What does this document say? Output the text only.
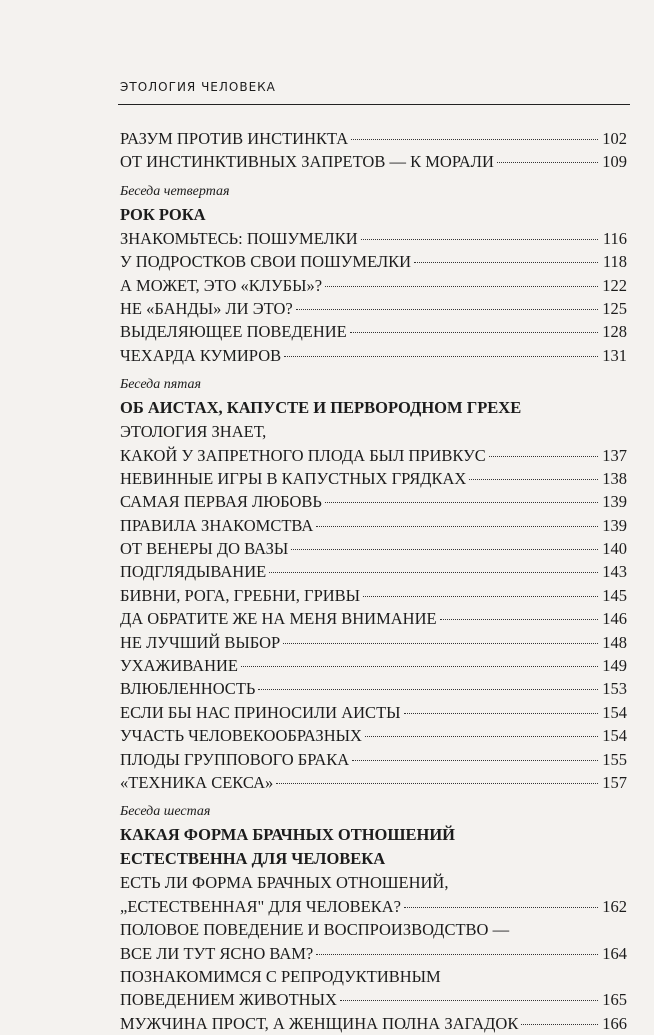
ЭТОЛОГИЯ ЧЕЛОВЕКА
РАЗУМ ПРОТИВ ИНСТИНКТА	102
ОТ ИНСТИНКТИВНЫХ ЗАПРЕТОВ — К МОРАЛИ	109
Беседа четвертая
РОК РОКА
ЗНАКОМЬТЕСЬ: ПОШУМЕЛКИ	116
У ПОДРОСТКОВ СВОИ ПОШУМЕЛКИ	118
А МОЖЕТ, ЭТО «КЛУБЫ»?	122
НЕ «БАНДЫ» ЛИ ЭТО?	125
ВЫДЕЛЯЮЩЕЕ ПОВЕДЕНИЕ	128
ЧЕХАРДА КУМИРОВ	131
Беседа пятая
ОБ АИСТАХ, КАПУСТЕ И ПЕРВОРОДНОМ ГРЕХЕ
ЭТОЛОГИЯ ЗНАЕТ,
КАКОЙ У ЗАПРЕТНОГО ПЛОДА БЫЛ ПРИВКУС	137
НЕВИННЫЕ ИГРЫ В КАПУСТНЫХ ГРЯДКАХ	138
САМАЯ ПЕРВАЯ ЛЮБОВЬ	139
ПРАВИЛА ЗНАКОМСТВА	139
ОТ ВЕНЕРЫ ДО ВАЗЫ	140
ПОДГЛЯДЫВАНИЕ	143
БИВНИ, РОГА, ГРЕБНИ, ГРИВЫ	145
ДА ОБРАТИТЕ ЖЕ НА МЕНЯ ВНИМАНИЕ	146
НЕ ЛУЧШИЙ ВЫБОР	148
УХАЖИВАНИЕ	149
ВЛЮБЛЕННОСТЬ	153
ЕСЛИ БЫ НАС ПРИНОСИЛИ АИСТЫ	154
УЧАСТЬ ЧЕЛОВЕКООБРАЗНЫХ	154
ПЛОДЫ ГРУППОВОГО БРАКА	155
«ТЕХНИКА СЕКСА»	157
Беседа шестая
КАКАЯ ФОРМА БРАЧНЫХ ОТНОШЕНИЙ
ЕСТЕСТВЕННА ДЛЯ ЧЕЛОВЕКА
ЕСТЬ ЛИ ФОРМА БРАЧНЫХ ОТНОШЕНИЙ,
„ЕСТЕСТВЕННАЯ" ДЛЯ ЧЕЛОВЕКА?	162
ПОЛОВОЕ ПОВЕДЕНИЕ И ВОСПРОИЗВОДСТВО —
ВСЕ ЛИ ТУТ ЯСНО ВАМ?	164
ПОЗНАКОМИМСЯ С РЕПРОДУКТИВНЫМ
ПОВЕДЕНИЕМ ЖИВОТНЫХ	165
МУЖЧИНА ПРОСТ, А ЖЕНЩИНА ПОЛНА ЗАГАДОК	166
